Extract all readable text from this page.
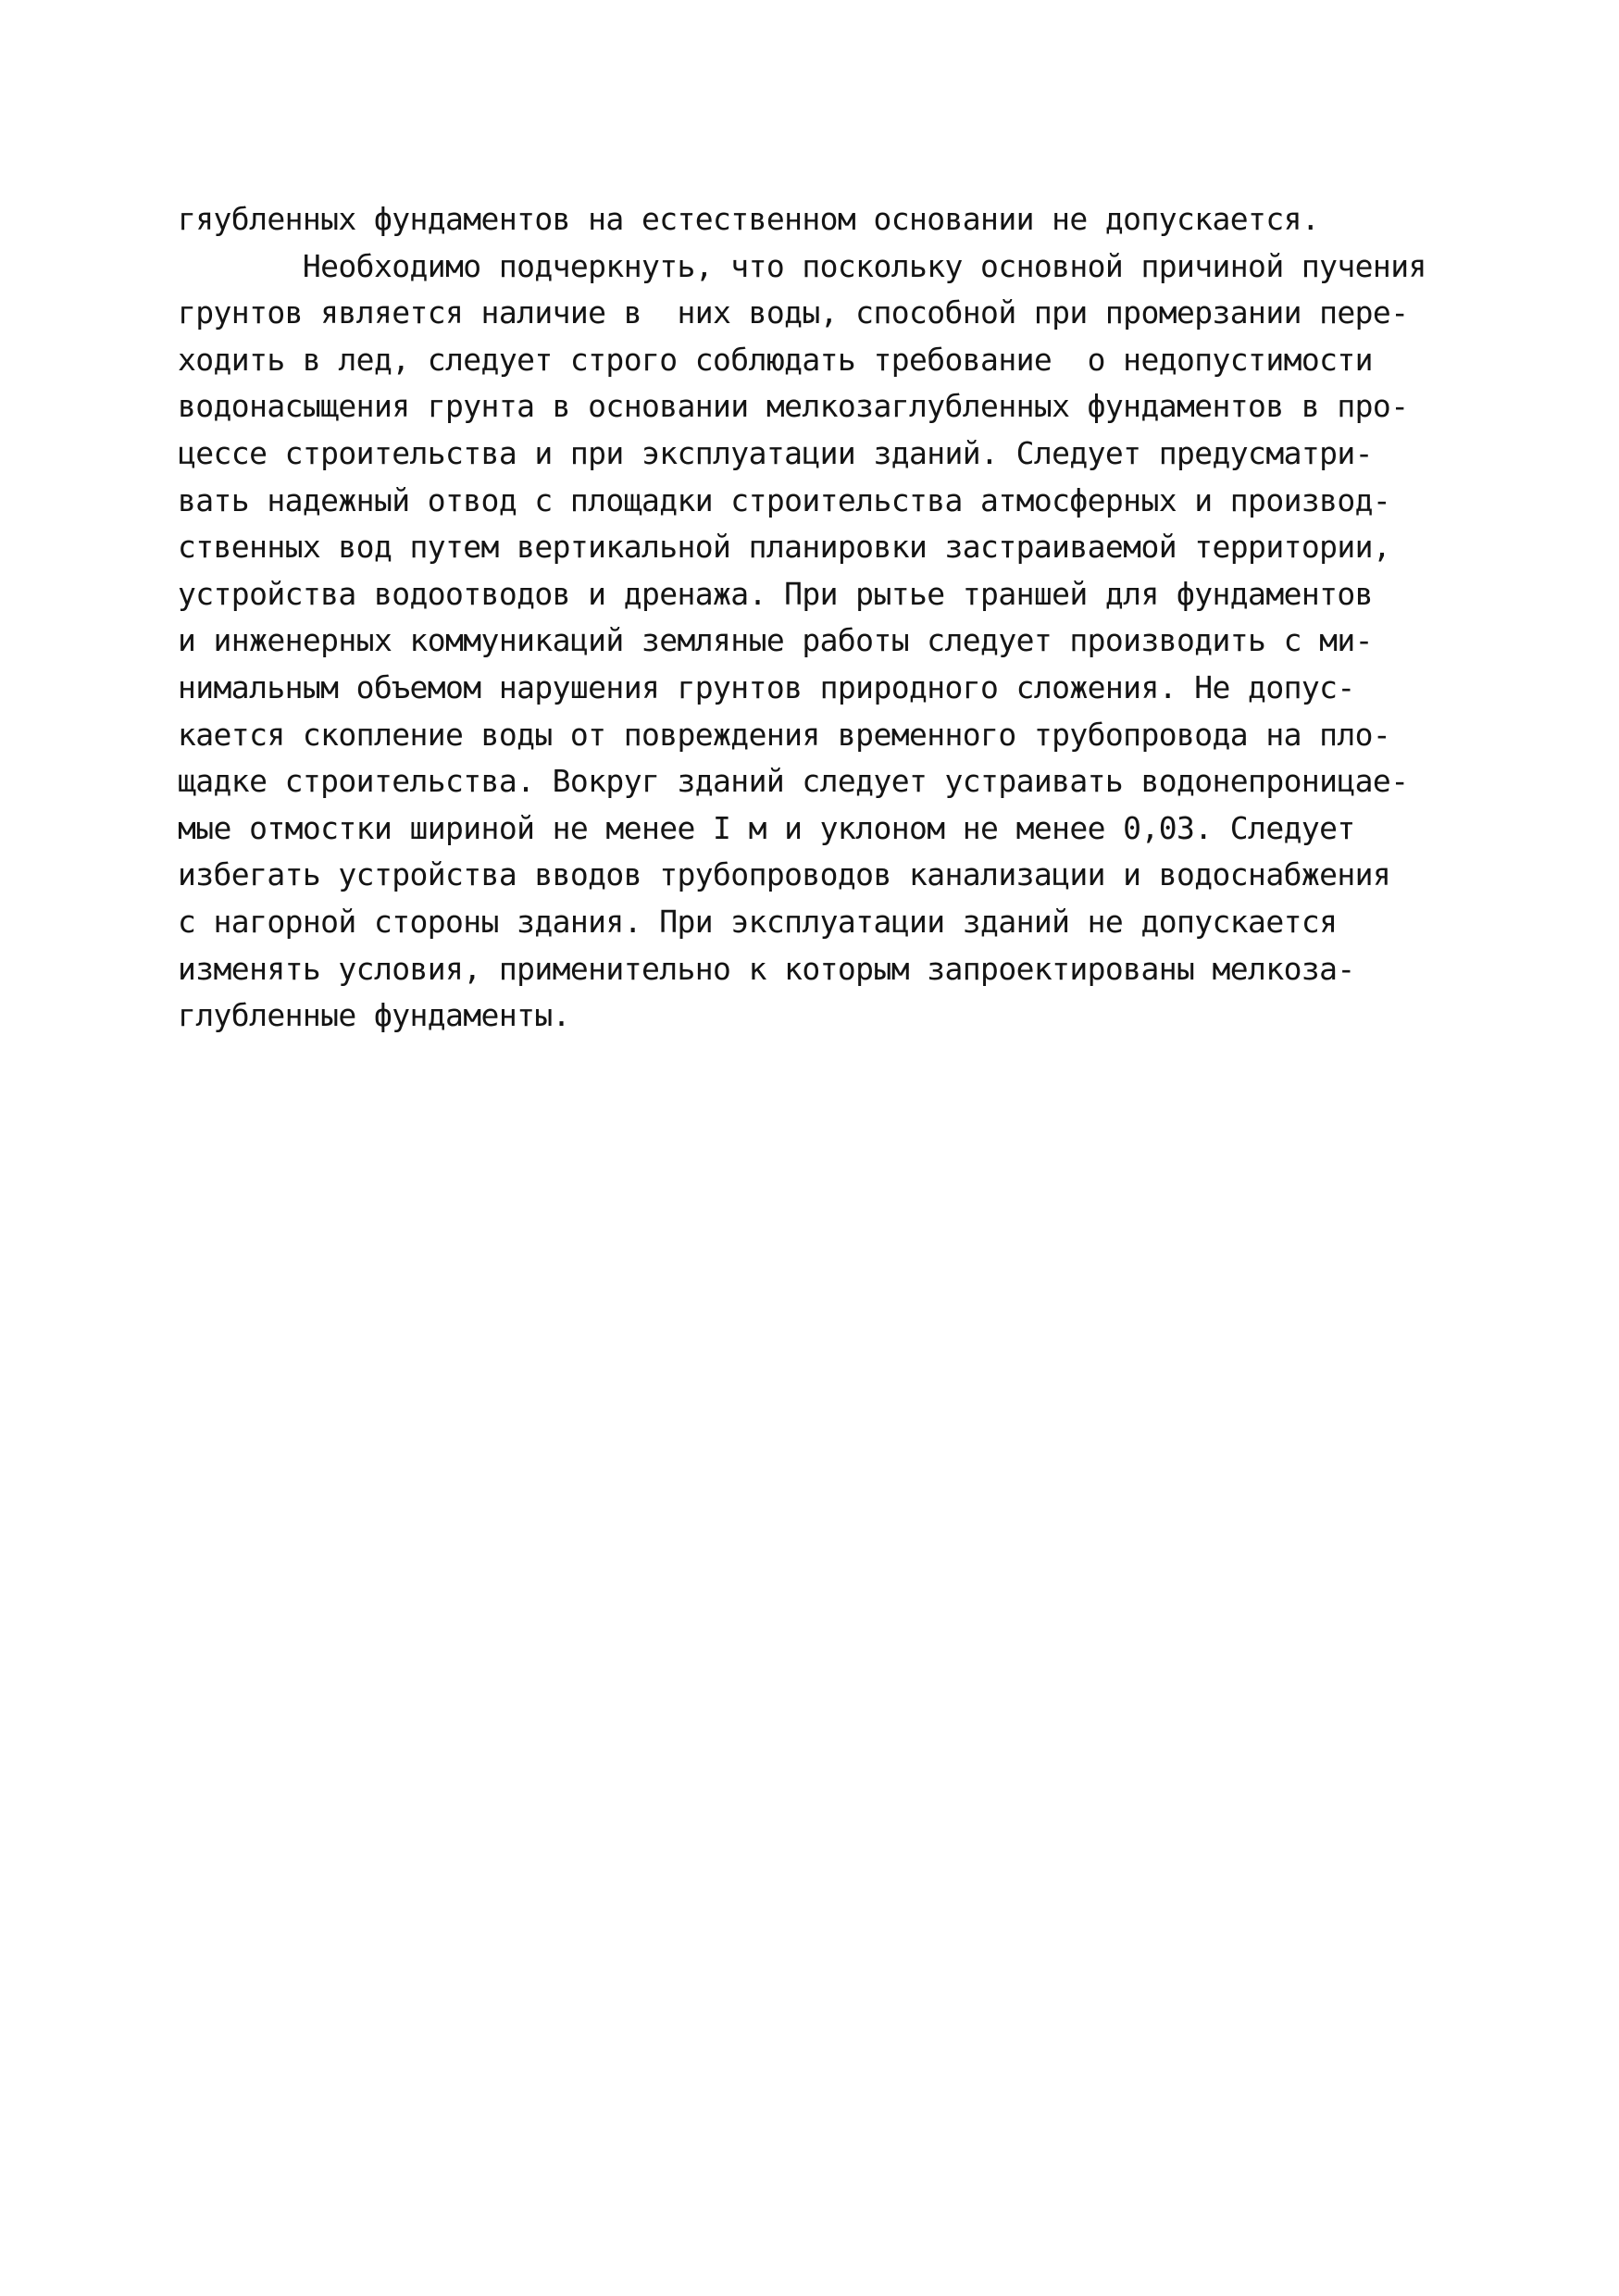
гяубленных фундаментов на естественном основании не допускается.
Необходимо подчеркнуть, что поскольку основной причиной пучения
грунтов является наличие в  них воды, способной при промерзании пере-
ходить в лед, следует строго соблюдать требование  о недопустимости
водонасыщения грунта в основании мелкозаглубленных фундаментов в про-
цессе строительства и при эксплуатации зданий. Следует предусматри-
вать надежный отвод с площадки строительства атмосферных и производ-
ственных вод путем вертикальной планировки застраиваемой территории,
устройства водоотводов и дренажа. При рытье траншей для фундаментов
и инженерных коммуникаций земляные работы следует производить с ми-
нимальным объемом нарушения грунтов природного сложения. Не допус-
кается скопление воды от повреждения временного трубопровода на пло-
щадке строительства. Вокруг зданий следует устраивать водонепроницае-
мые отмостки шириной не менее I м и уклоном не менее 0,03. Следует
избегать устройства вводов трубопроводов канализации и водоснабжения
с нагорной стороны здания. При эксплуатации зданий не допускается
изменять условия, применительно к которым запроектированы мелкоза-
глубленные фундаменты.
